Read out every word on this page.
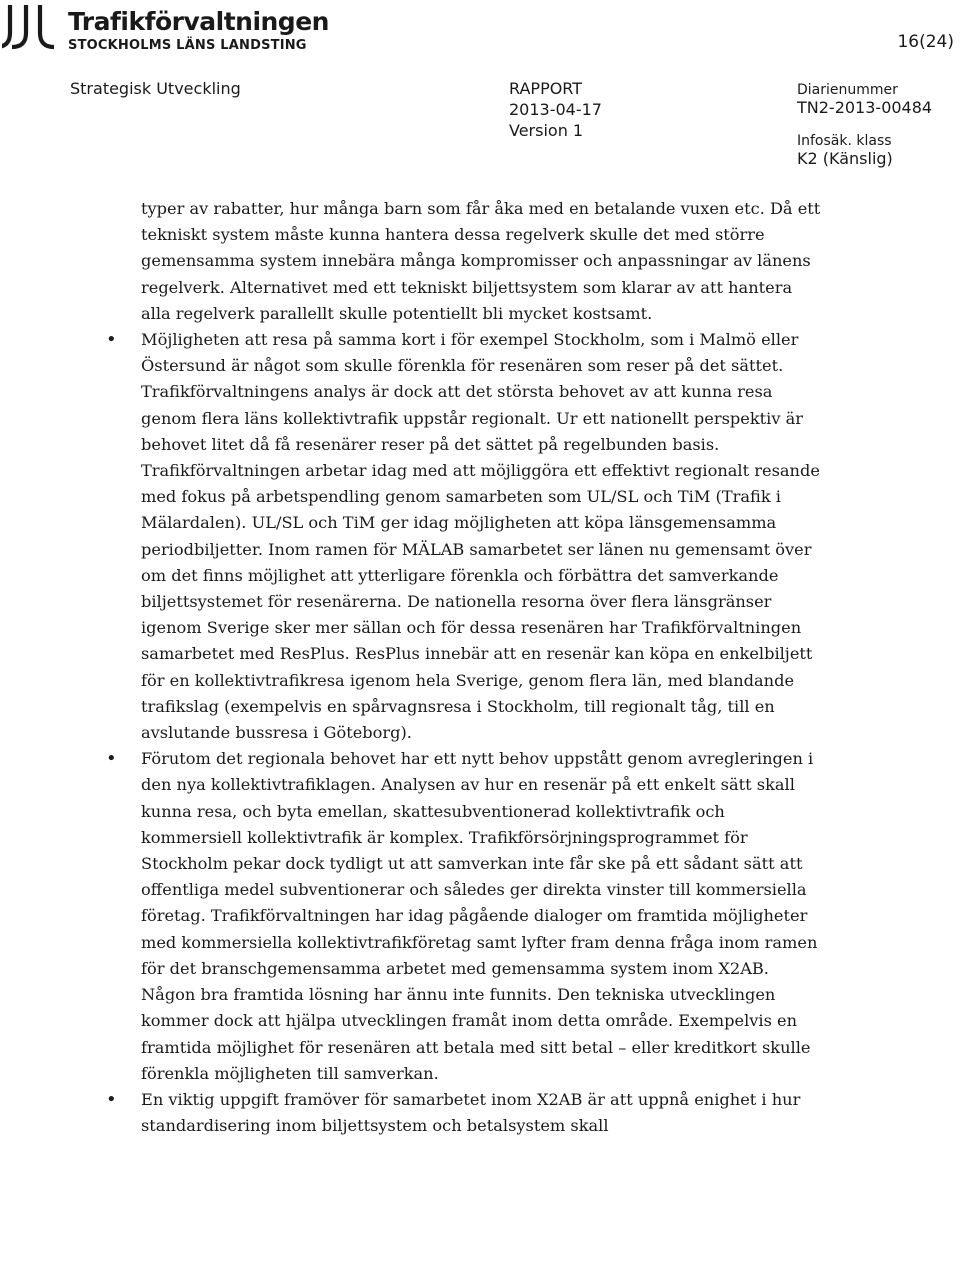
Trafikförvaltningen
STOCKHOLMS LÄNS LANDSTING	16(24)
Strategisk Utveckling	RAPPORT
2013-04-17
Version 1
Diarienummer
TN2-2013-00484
Infosäk. klass
K2 (Känslig)

typer av rabatter, hur många barn som får åka med en betalande vuxen etc. Då ett tekniskt system måste kunna hantera dessa regelverk skulle det med större gemensamma system innebära många kompromisser och anpassningar av länens regelverk. Alternativet med ett tekniskt biljettsystem som klarar av att hantera alla regelverk parallellt skulle potentiellt bli mycket kostsamt.

• Möjligheten att resa på samma kort i för exempel Stockholm, som i Malmö eller Östersund är något som skulle förenkla för resenären som reser på det sättet. Trafikförvaltningens analys är dock att det största behovet av att kunna resa genom flera läns kollektivtrafik uppstår regionalt. Ur ett nationellt perspektiv är behovet litet då få resenärer reser på det sättet på regelbunden basis. Trafikförvaltningen arbetar idag med att möjliggöra ett effektivt regionalt resande med fokus på arbetspendling genom samarbeten som UL/SL och TiM (Trafik i Mälardalen). UL/SL och TiM ger idag möjligheten att köpa länsgemensamma periodbiljetter. Inom ramen för MÄLAB samarbetet ser länen nu gemensamt över om det finns möjlighet att ytterligare förenkla och förbättra det samverkande biljettsystemet för resenärerna. De nationella resorna över flera länsgränser igenom Sverige sker mer sällan och för dessa resenären har Trafikförvaltningen samarbetet med ResPlus. ResPlus innebär att en resenär kan köpa en enkelbiljett för en kollektivtrafikresa igenom hela Sverige, genom flera län, med blandande trafikslag (exempelvis en spårvagnsresa i Stockholm, till regionalt tåg, till en avslutande bussresa i Göteborg).
• Förutom det regionala behovet har ett nytt behov uppstått genom avregleringen i den nya kollektivtrafiklagen. Analysen av hur en resenär på ett enkelt sätt skall kunna resa, och byta emellan, skattesubventionerad kollektivtrafik och kommersiell kollektivtrafik är komplex. Trafikförsörjningsprogrammet för Stockholm pekar dock tydligt ut att samverkan inte får ske på ett sådant sätt att offentliga medel subventionerar och således ger direkta vinster till kommersiella företag. Trafikförvaltningen har idag pågående dialoger om framtida möjligheter med kommersiella kollektivtrafikföretag samt lyfter fram denna fråga inom ramen för det branschgemensamma arbetet med gemensamma system inom X2AB. Någon bra framtida lösning har ännu inte funnits. Den tekniska utvecklingen kommer dock att hjälpa utvecklingen framåt inom detta område. Exempelvis en framtida möjlighet för resenären att betala med sitt betal – eller kreditkort skulle förenkla möjligheten till samverkan.
• En viktig uppgift framöver för samarbetet inom X2AB är att uppnå enighet i hur standardisering inom biljettsystem och betalsystem skall
